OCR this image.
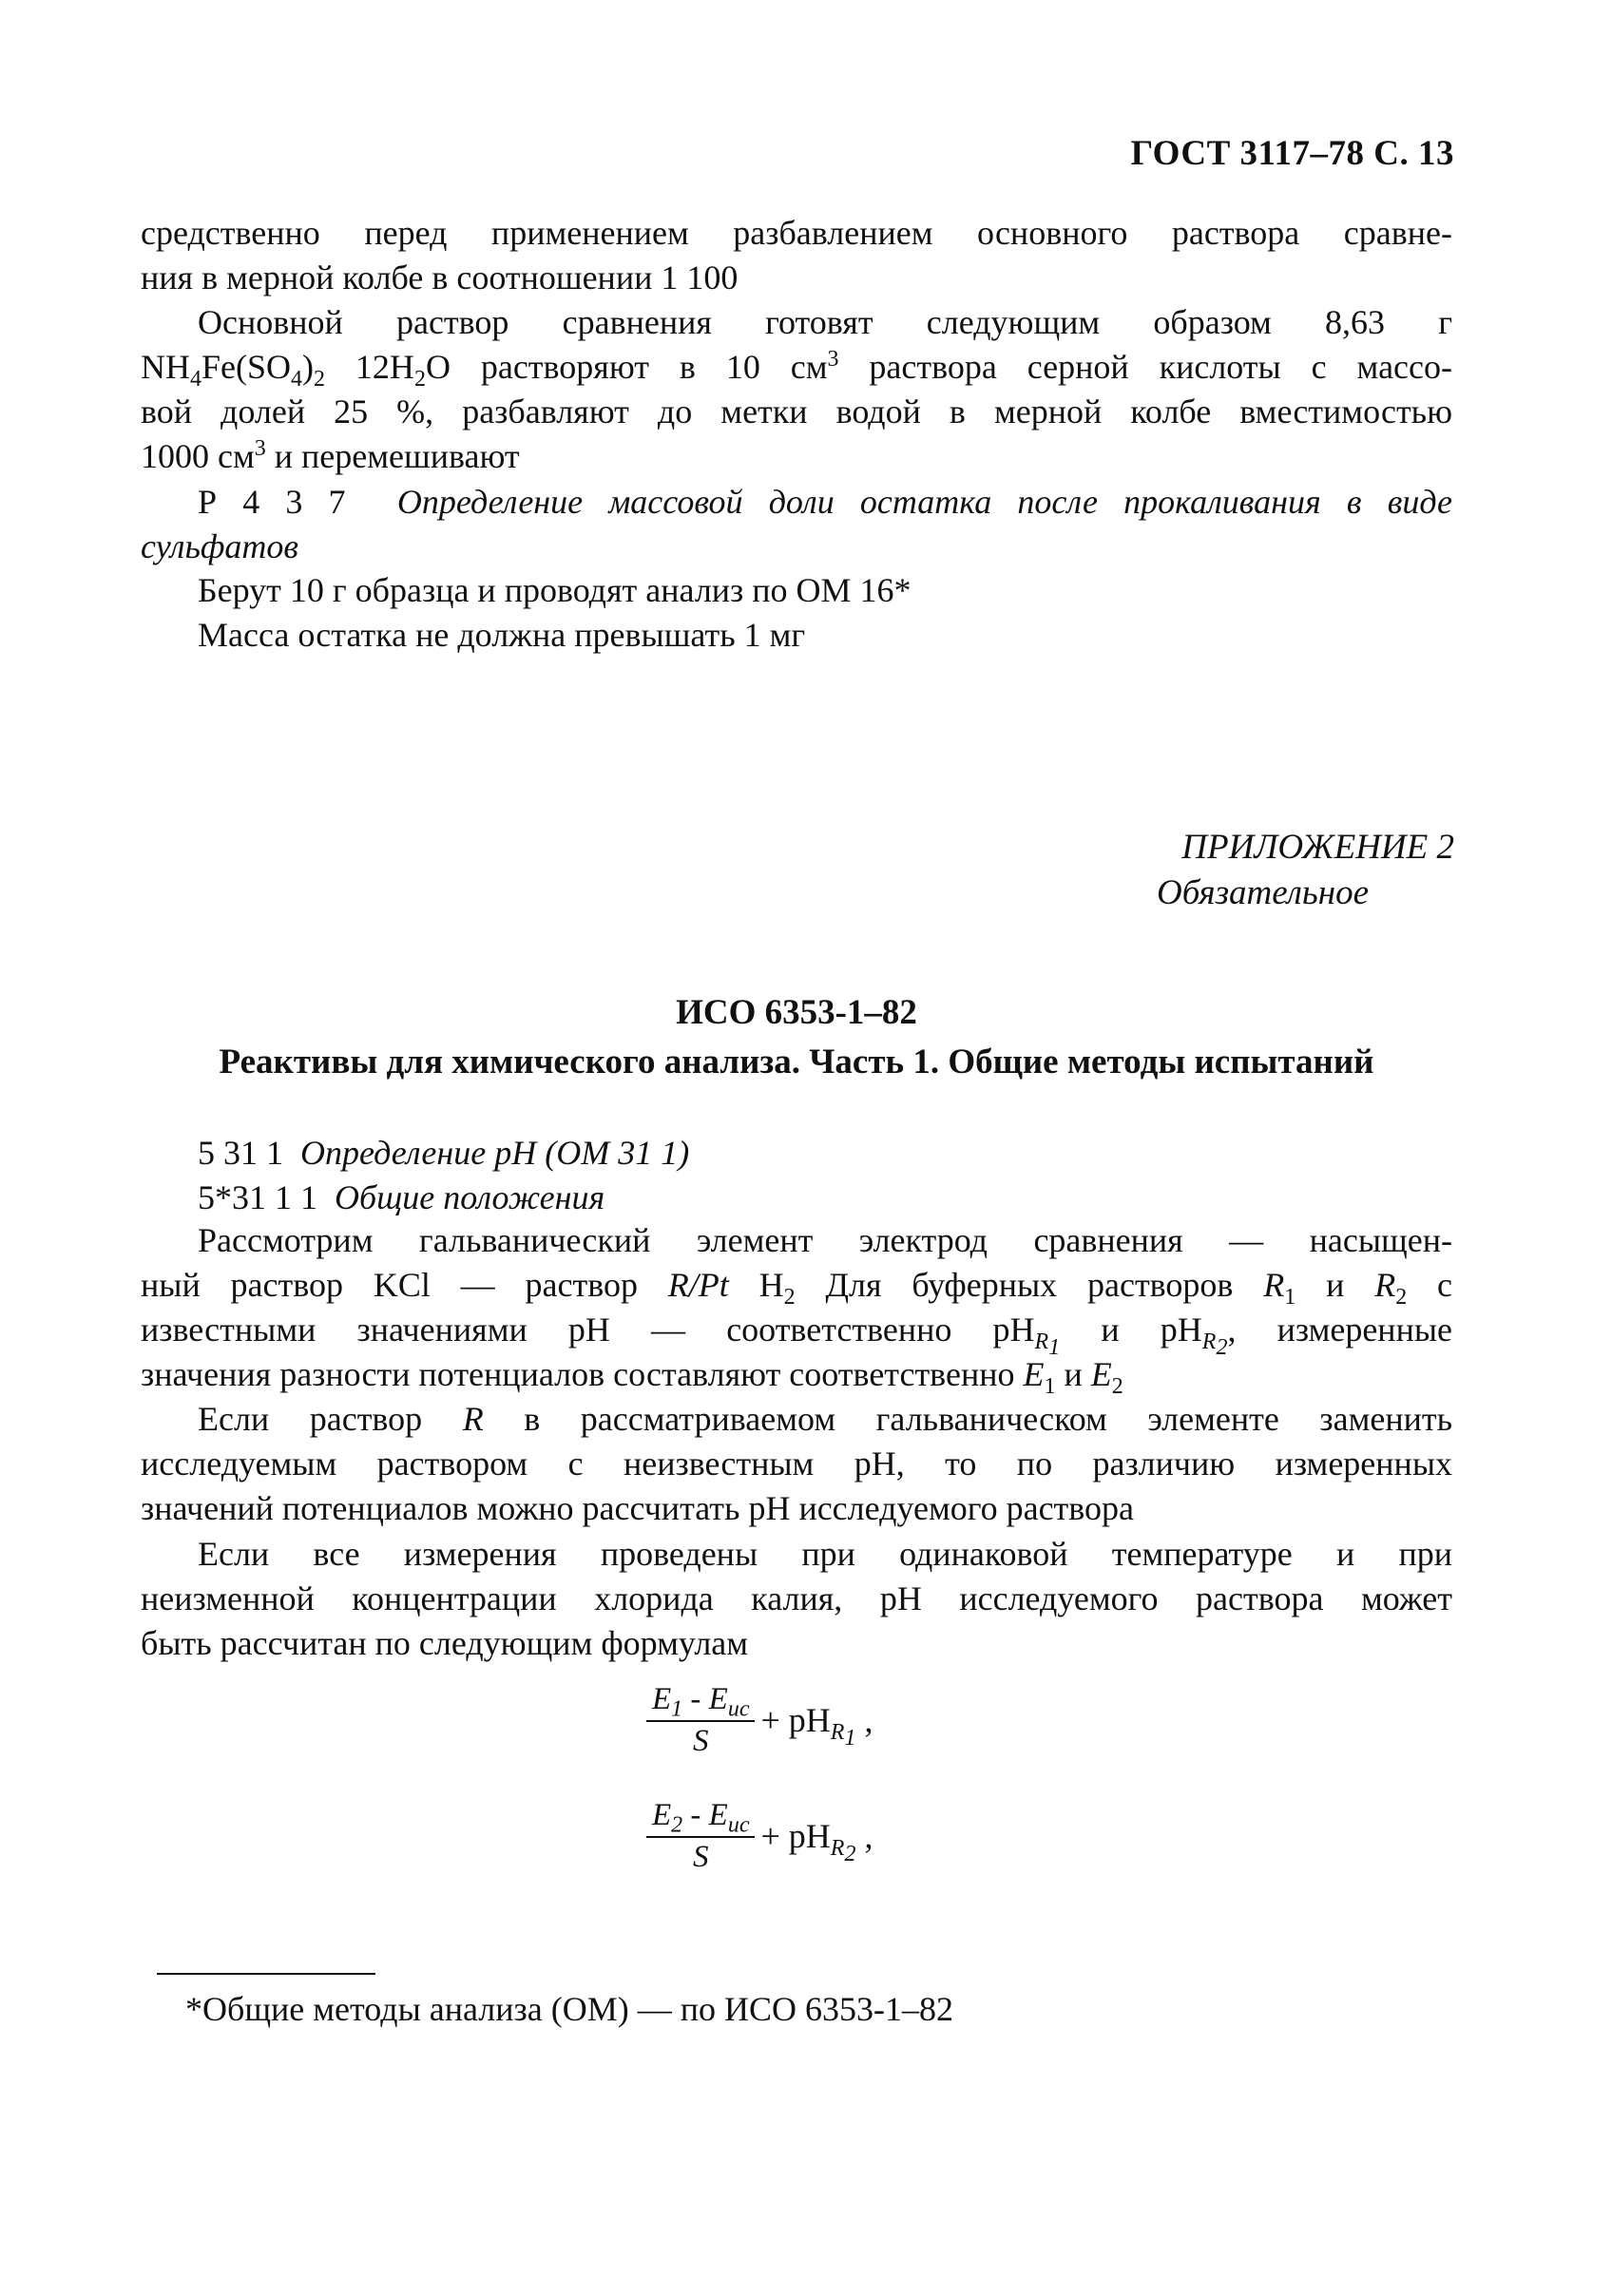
ГОСТ 3117–78 С. 13
средственно перед применением разбавлением основного раствора сравне-
ния в мерной колбе в соотношении 1 100
Основной раствор сравнения готовят следующим образом 8,63 г
$NH_4Fe(SO_4)_2$ $12H_2O$ растворяют в 10 $см^3$ раствора серной кислоты с массо-
вой долей 25 %, разбавляют до метки водой в мерной колбе вместимостью
1000 $см^3$ и перемешивают
Р 4 3 7 Определение массовой доли остатка после прокаливания в виде
сульфатов
Берут 10 г образца и проводят анализ по ОМ 16*
Масса остатка не должна превышать 1 мг
ПРИЛОЖЕНИЕ 2
Обязательное
ИСО 6353-1–82
Реактивы для химического анализа. Часть 1. Общие методы испытаний
5 31 1 Определение pH (ОМ 31 1)
5*31 1 1 Общие положения
Рассмотрим гальванический элемент электрод сравнения — насыщен-
ный раствор KCl — раствор R/Pt $H_2$ Для буферных растворов $R_1$ и $R_2$ с
известными значениями pH — соответственно $pH_{R_1}$ и $pH_{R_2}$, измеренные
значения разности потенциалов составляют соответственно $E_1$ и $E_2$
Если раствор R в рассматриваемом гальваническом элементе заменить
исследуемым раствором с неизвестным pH, то по различию измеренных
значений потенциалов можно рассчитать pH исследуемого раствора
Если все измерения проведены при одинаковой температуре и при
неизменной концентрации хлорида калия, pH исследуемого раствора может
быть рассчитан по следующим формулам
$\frac{E_1 - E_{ис}}{S} + pH_{R_1}$ ,
$\frac{E_2 - E_{ис}}{S} + pH_{R_2}$ ,
*Общие методы анализа (ОМ) — по ИСО 6353-1–82
